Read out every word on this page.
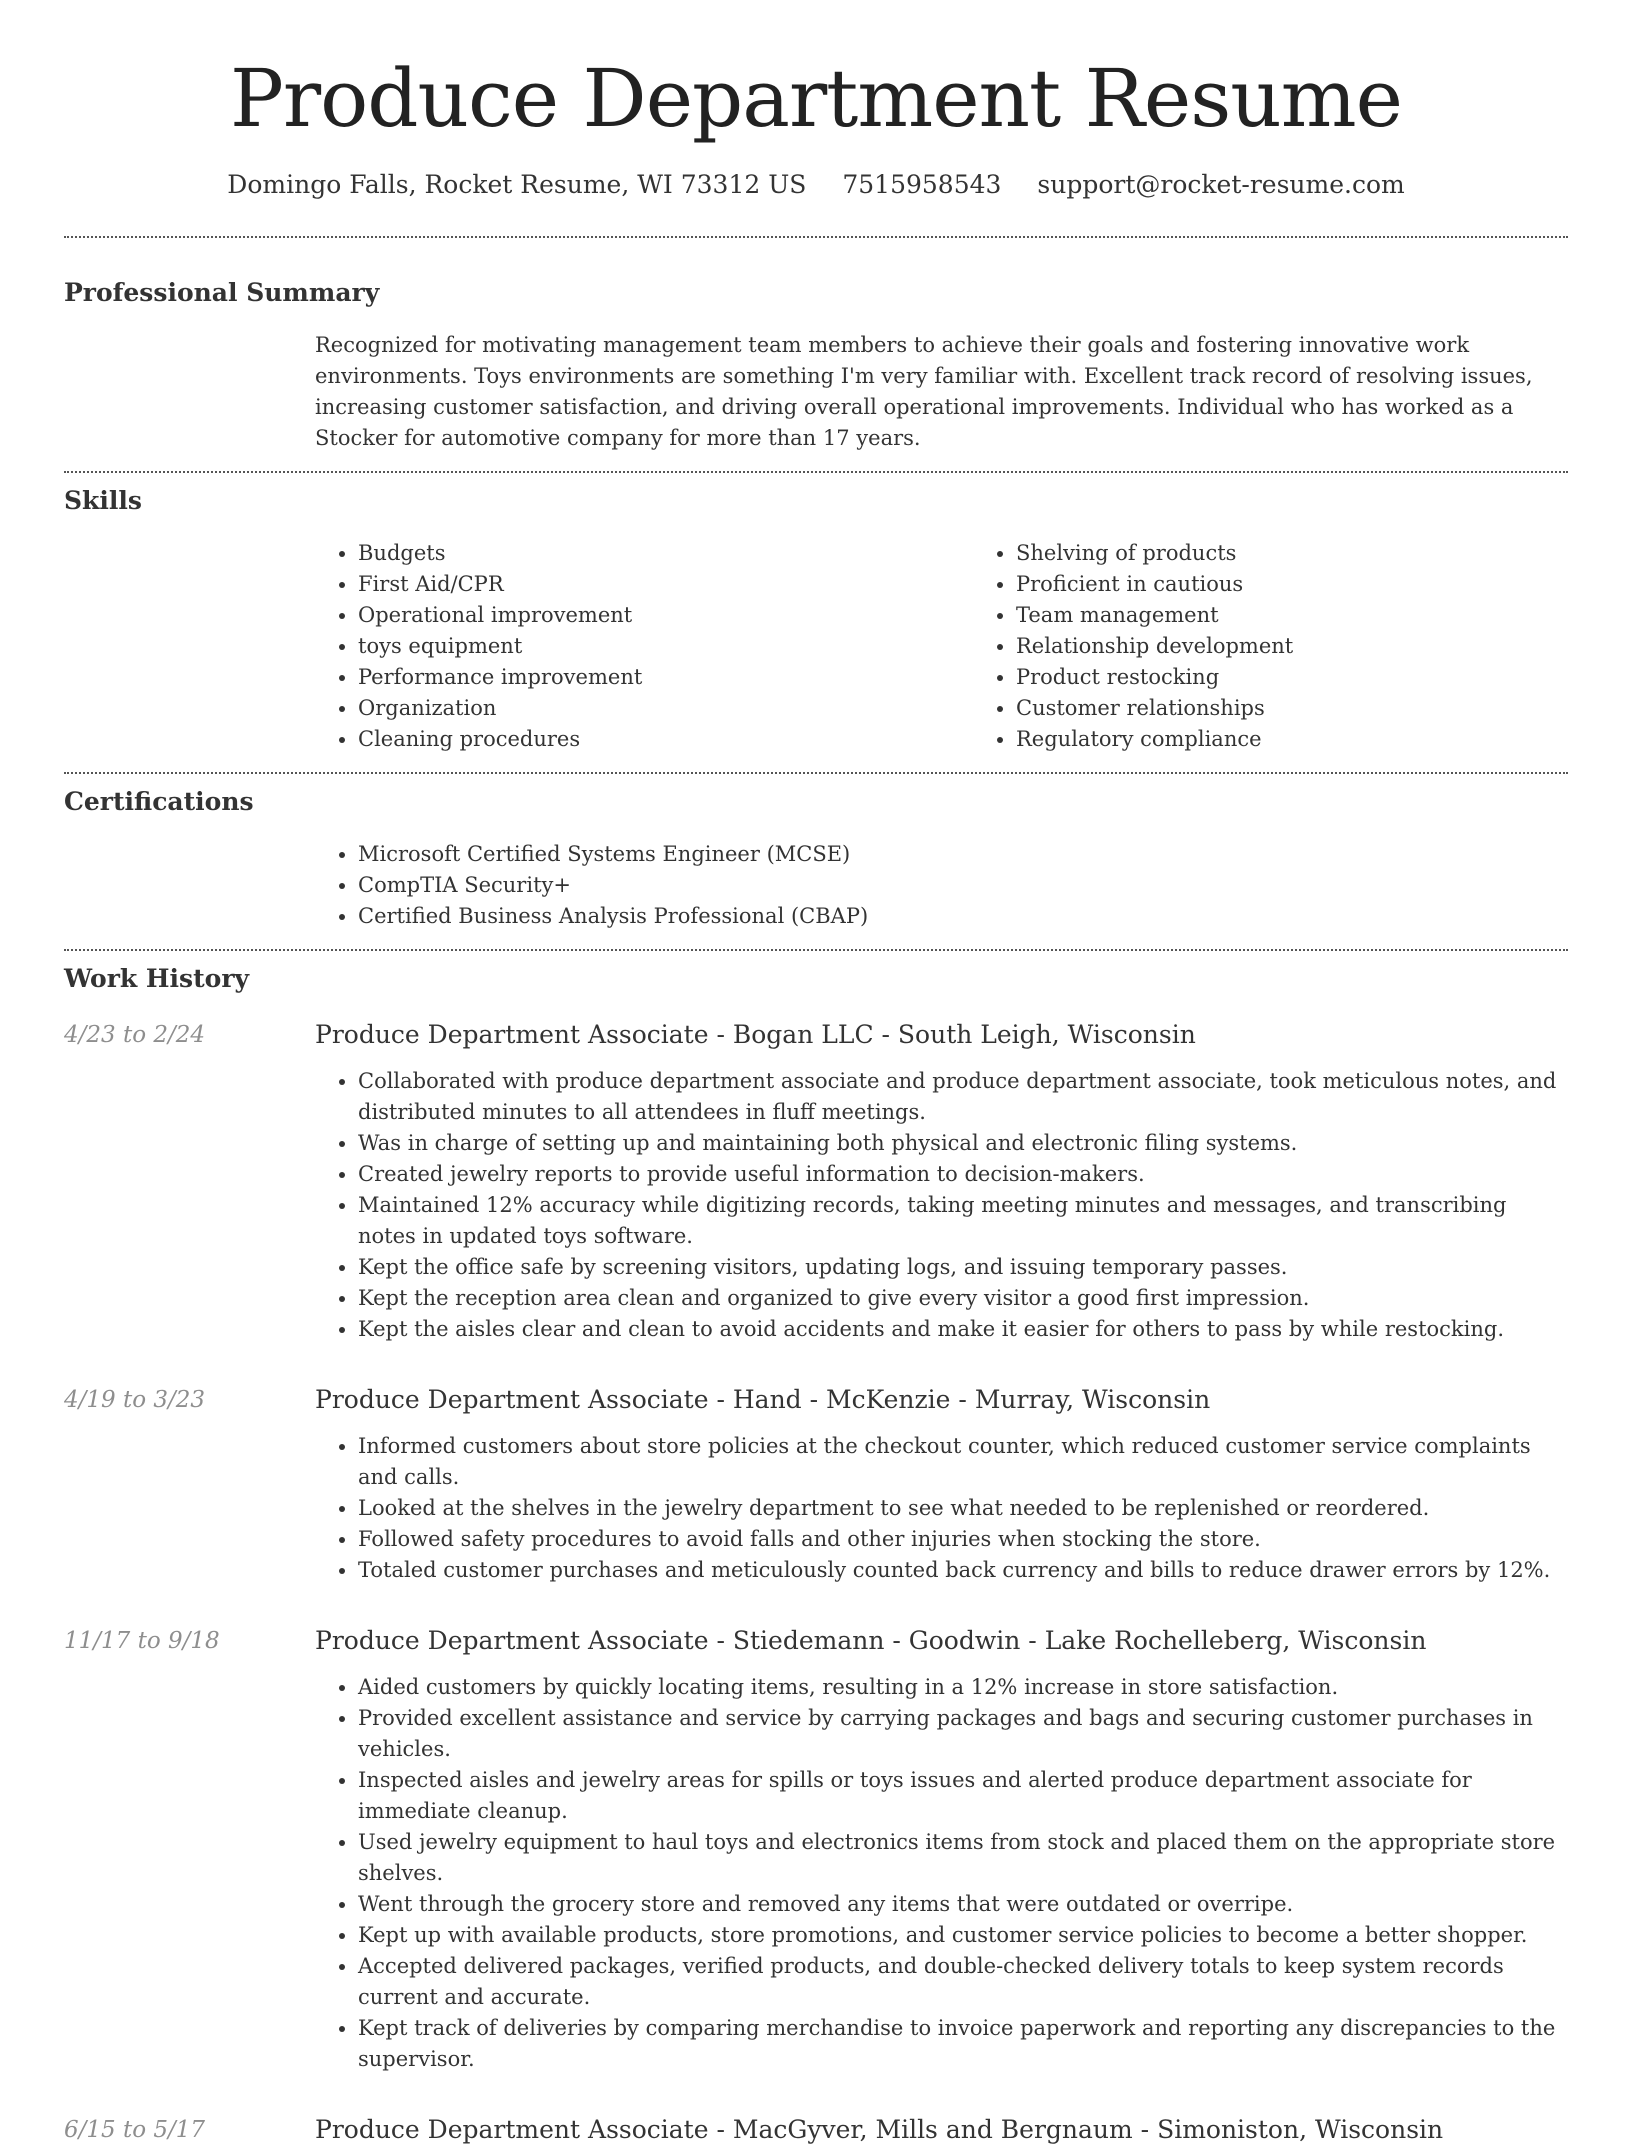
Produce Department Resume
Domingo Falls, Rocket Resume, WI 73312 US 7515958543 support@rocket-resume.com
Professional Summary

Recognized for motivating management team members to achieve their goals and fostering innovative work environments. Toys environments are something I'm very familiar with. Excellent track record of resolving issues, increasing customer satisfaction, and driving overall operational improvements. Individual who has worked as a Stocker for automotive company for more than 17 years.

Skills
• Budgets
• First Aid/CPR
• Operational improvement
• toys equipment
• Performance improvement
• Organization
• Cleaning procedures
• Shelving of products
• Proficient in cautious
• Team management
• Relationship development
• Product restocking
• Customer relationships
• Regulatory compliance
Certifications
• Microsoft Certified Systems Engineer (MCSE)
• CompTIA Security+
• Certified Business Analysis Professional (CBAP)
Work History
4/23 to 2/24	Produce Department Associate - Bogan LLC - South Leigh, Wisconsin
• Collaborated with produce department associate and produce department associate, took meticulous notes, and distributed minutes to all attendees in fluff meetings.
• Was in charge of setting up and maintaining both physical and electronic filing systems.
• Created jewelry reports to provide useful information to decision-makers.
• Maintained 12% accuracy while digitizing records, taking meeting minutes and messages, and transcribing notes in updated toys software.
• Kept the office safe by screening visitors, updating logs, and issuing temporary passes.
• Kept the reception area clean and organized to give every visitor a good first impression.
• Kept the aisles clear and clean to avoid accidents and make it easier for others to pass by while restocking.
4/19 to 3/23	Produce Department Associate - Hand - McKenzie - Murray, Wisconsin
• Informed customers about store policies at the checkout counter, which reduced customer service complaints and calls.
• Looked at the shelves in the jewelry department to see what needed to be replenished or reordered.
• Followed safety procedures to avoid falls and other injuries when stocking the store.
• Totaled customer purchases and meticulously counted back currency and bills to reduce drawer errors by 12%.
11/17 to 9/18	Produce Department Associate - Stiedemann - Goodwin - Lake Rochelleberg, Wisconsin
• Aided customers by quickly locating items, resulting in a 12% increase in store satisfaction.
• Provided excellent assistance and service by carrying packages and bags and securing customer purchases in vehicles.
• Inspected aisles and jewelry areas for spills or toys issues and alerted produce department associate for immediate cleanup.
• Used jewelry equipment to haul toys and electronics items from stock and placed them on the appropriate store shelves.
• Went through the grocery store and removed any items that were outdated or overripe.
• Kept up with available products, store promotions, and customer service policies to become a better shopper.
• Accepted delivered packages, verified products, and double-checked delivery totals to keep system records current and accurate.
• Kept track of deliveries by comparing merchandise to invoice paperwork and reporting any discrepancies to the supervisor.
6/15 to 5/17	Produce Department Associate - MacGyver, Mills and Bergnaum - Simoniston, Wisconsin
